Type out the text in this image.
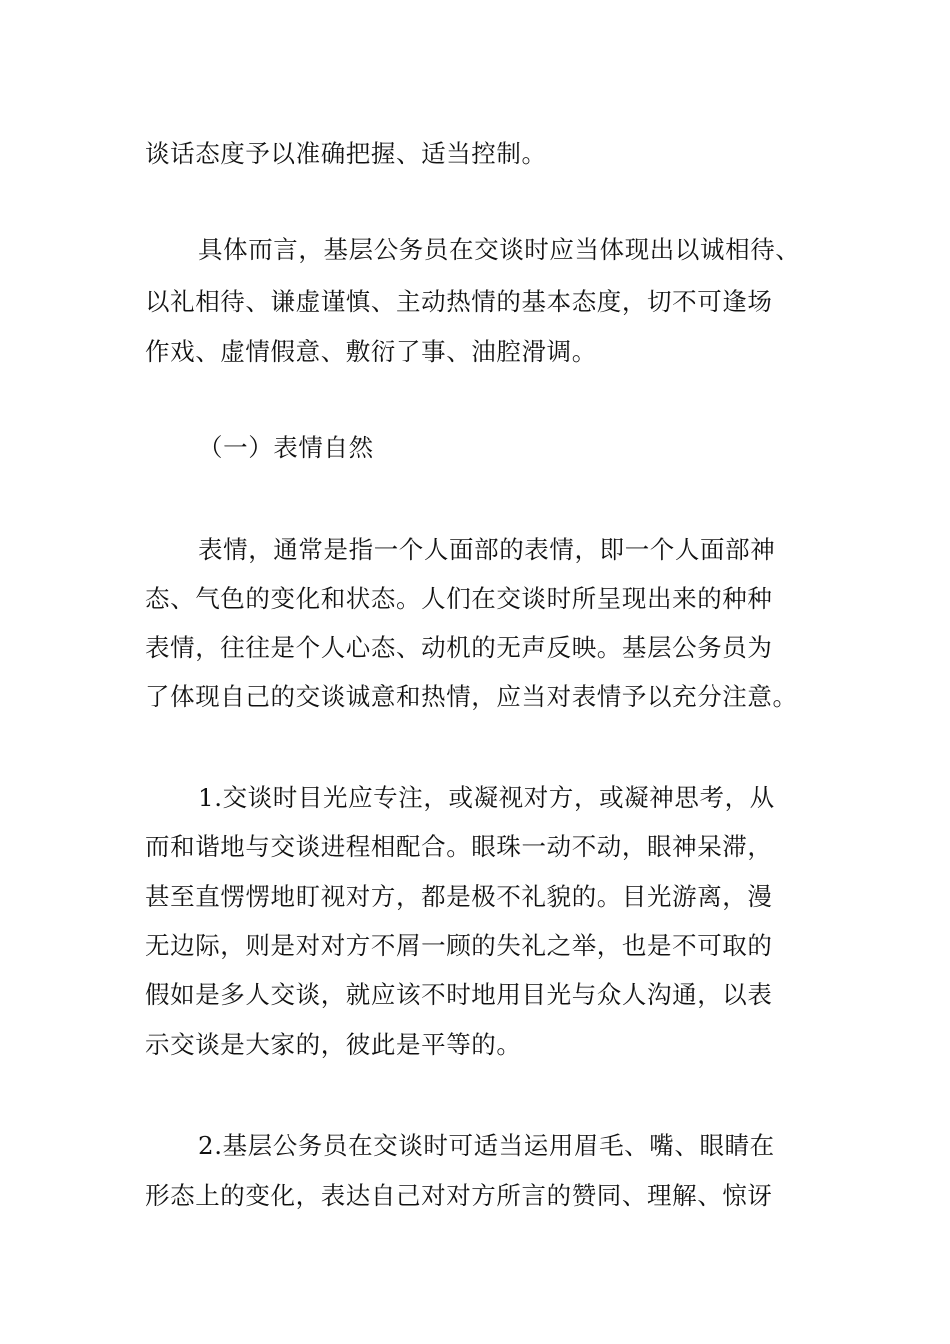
谈话态度予以准确把握、适当控制。
具体而言，基层公务员在交谈时应当体现出以诚相待、
以礼相待、谦虚谨慎、主动热情的基本态度，切不可逢场
作戏、虚情假意、敷衍了事、油腔滑调。
（一）表情自然
表情，通常是指一个人面部的表情，即一个人面部神
态、气色的变化和状态。人们在交谈时所呈现出来的种种
表情，往往是个人心态、动机的无声反映。基层公务员为
了体现自己的交谈诚意和热情，应当对表情予以充分注意。
1.交谈时目光应专注，或凝视对方，或凝神思考，从
而和谐地与交谈进程相配合。眼珠一动不动，眼神呆滞，
甚至直愣愣地盯视对方，都是极不礼貌的。目光游离，漫
无边际，则是对对方不屑一顾的失礼之举，也是不可取的
假如是多人交谈，就应该不时地用目光与众人沟通，以表
示交谈是大家的，彼此是平等的。
2.基层公务员在交谈时可适当运用眉毛、嘴、眼睛在
形态上的变化，表达自己对对方所言的赞同、理解、惊讶
